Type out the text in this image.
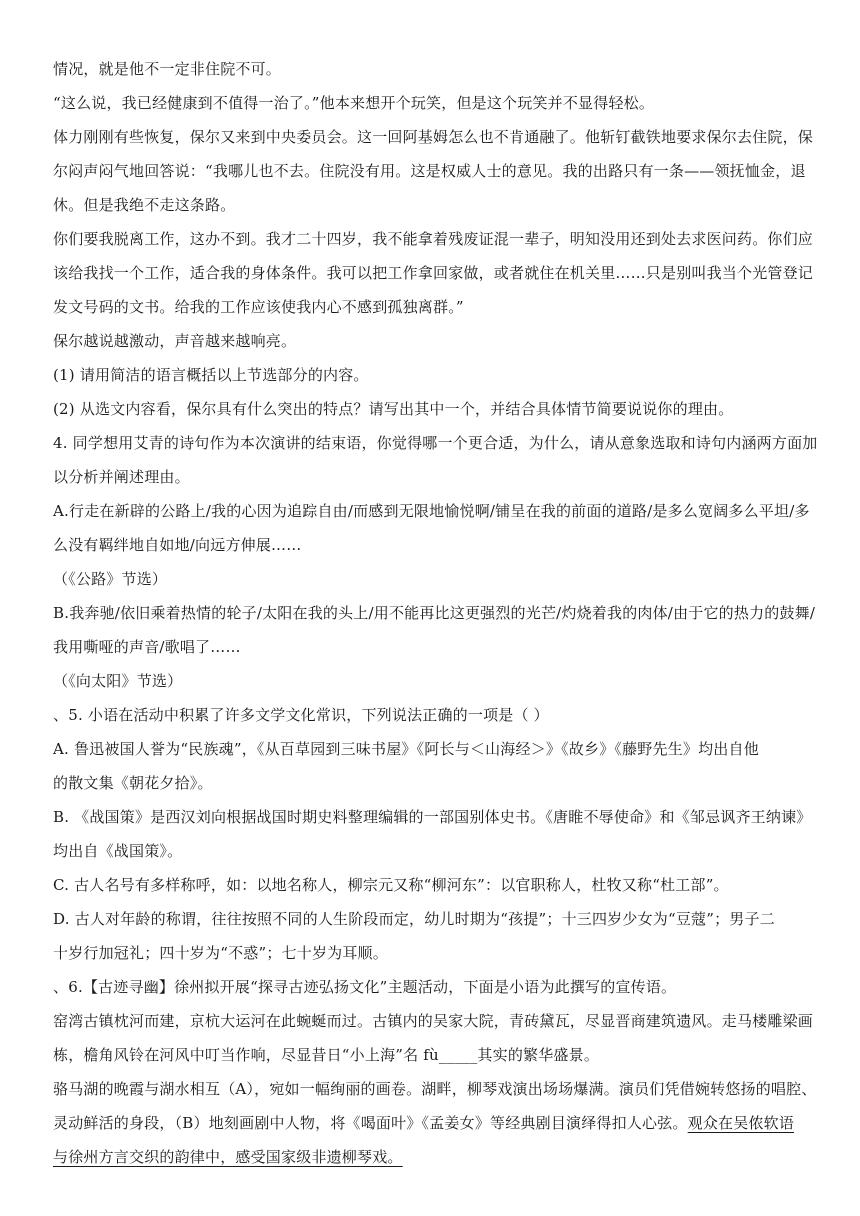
情况，就是他不一定非住院不可。
“这么说，我已经健康到不值得一治了。”他本来想开个玩笑，但是这个玩笑并不显得轻松。
体力刚刚有些恢复，保尔又来到中央委员会。这一回阿基姆怎么也不肯通融了。他斩钉截铁地要求保尔去住院，保
尔闷声闷气地回答说：“我哪儿也不去。住院没有用。这是权威人士的意见。我的出路只有一条——领抚恤金，退
休。但是我绝不走这条路。
你们要我脱离工作，这办不到。我才二十四岁，我不能拿着残废证混一辈子，明知没用还到处去求医问药。你们应
该给我找一个工作，适合我的身体条件。我可以把工作拿回家做，或者就住在机关里……只是别叫我当个光管登记
发文号码的文书。给我的工作应该使我内心不感到孤独离群。”
保尔越说越激动，声音越来越响亮。
(1) 请用简洁的语言概括以上节选部分的内容。
(2) 从选文内容看，保尔具有什么突出的特点？请写出其中一个，并结合具体情节简要说说你的理由。
4. 同学想用艾青的诗句作为本次演讲的结束语，你觉得哪一个更合适，为什么，请从意象选取和诗句内涵两方面加
以分析并阐述理由。
A.行走在新辟的公路上/我的心因为追踪自由/而感到无限地愉悦啊/铺呈在我的前面的道路/是多么宽阔多么平坦/多
么没有羁绊地自如地/向远方伸展……
（《公路》节选）
B.我奔驰/依旧乘着热情的轮子/太阳在我的头上/用不能再比这更强烈的光芒/灼烧着我的肉体/由于它的热力的鼓舞/
我用嘶哑的声音/歌唱了……
（《向太阳》节选）
、5. 小语在活动中积累了许多文学文化常识，下列说法正确的一项是（ ）
A. 鲁迅被国人誉为“民族魂”，《从百草园到三味书屋》《阿长与＜山海经＞》《故乡》《藤野先生》均出自他
的散文集《朝花夕拾》。
B. 《战国策》是西汉刘向根据战国时期史料整理编辑的一部国别体史书。《唐睢不辱使命》和《邹忌讽齐王纳谏》
均出自《战国策》。
C. 古人名号有多样称呼，如：以地名称人，柳宗元又称“柳河东”：以官职称人，杜牧又称“杜工部”。
D. 古人对年龄的称谓，往往按照不同的人生阶段而定，幼儿时期为“孩提”；十三四岁少女为“豆蔻”；男子二
十岁行加冠礼；四十岁为“不惑”；七十岁为耳顺。
、6.【古迹寻幽】徐州拟开展“探寻古迹弘扬文化”主题活动，下面是小语为此撰写的宣传语。
窑湾古镇枕河而建，京杭大运河在此蜿蜒而过。古镇内的吴家大院，青砖黛瓦，尽显晋商建筑遗风。走马楼雕梁画
栋，檐角风铃在河风中叮当作响，尽显昔日“小上海”名 fù_____其实的繁华盛景。
骆马湖的晚霞与湖水相互（A），宛如一幅绚丽的画卷。湖畔，柳琴戏演出场场爆满。演员们凭借婉转悠扬的唱腔、
灵动鲜活的身段，（B）地刻画剧中人物，将《喝面叶》《孟姜女》等经典剧目演绎得扣人心弦。观众在吴侬软语
与徐州方言交织的韵律中，感受国家级非遗柳琴戏。
